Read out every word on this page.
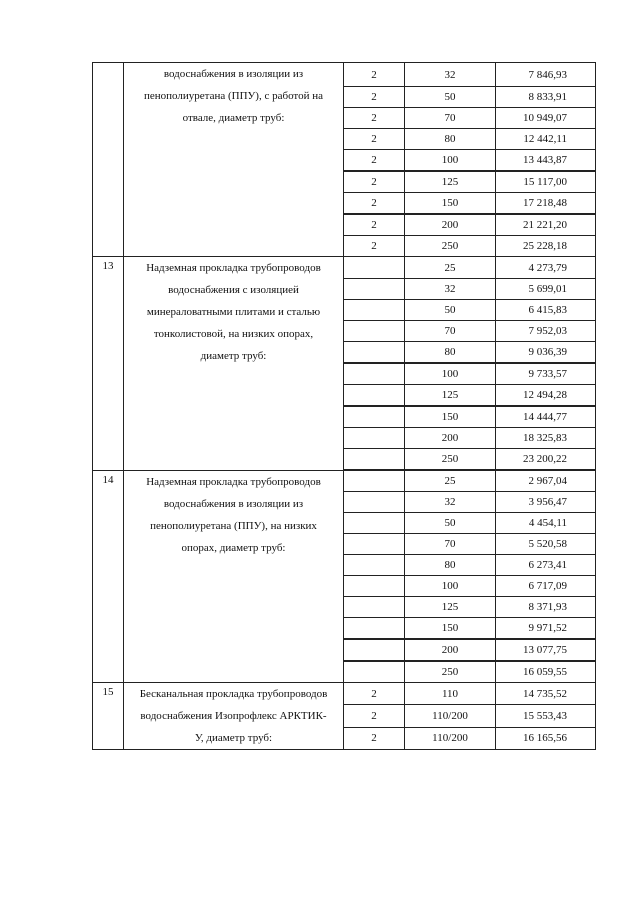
	водоснабжения в изоляции из
пенополиуретана (ППУ), с работой на
отвале, диаметр труб:	2	32	7 846,93
		2	50	8 833,91
		2	70	10 949,07
		2	80	12 442,11
		2	100	13 443,87
		2	125	15 117,00
		2	150	17 218,48
		2	200	21 221,20
		2	250	25 228,18
13	Надземная прокладка трубопроводов
водоснабжения с изоляцией
минераловатными плитами и сталью
тонколистовой, на низких опорах,
диаметр труб:		25	4 273,79
			32	5 699,01
			50	6 415,83
			70	7 952,03
			80	9 036,39
			100	9 733,57
			125	12 494,28
			150	14 444,77
			200	18 325,83
			250	23 200,22
14	Надземная прокладка трубопроводов
водоснабжения в изоляции из
пенополиуретана (ППУ), на низких
опорах, диаметр труб:		25	2 967,04
			32	3 956,47
			50	4 454,11
			70	5 520,58
			80	6 273,41
			100	6 717,09
			125	8 371,93
			150	9 971,52
			200	13 077,75
			250	16 059,55
15	Бесканальная прокладка трубопроводов
водоснабжения Изопрофлекс АРКТИК-
У, диаметр труб:	2	110	14 735,52
		2	110/200	15 553,43
		2	110/200	16 165,56
